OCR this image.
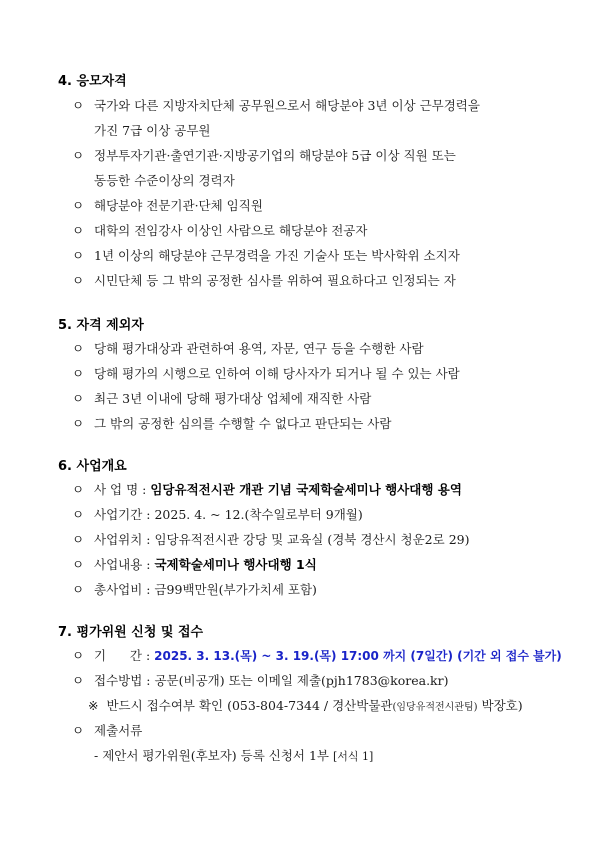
4. 응모자격
ㅇ 국가와 다른 지방자치단체 공무원으로서 해당분야 3년 이상 근무경력을
가진 7급 이상 공무원
ㅇ 정부투자기관·출연기관·지방공기업의 해당분야 5급 이상 직원 또는
동등한 수준이상의 경력자
ㅇ 해당분야 전문기관·단체 임직원
ㅇ 대학의 전임강사 이상인 사람으로 해당분야 전공자
ㅇ 1년 이상의 해당분야 근무경력을 가진 기술사 또는 박사학위 소지자
ㅇ 시민단체 등 그 밖의 공정한 심사를 위하여 필요하다고 인정되는 자
5. 자격 제외자
ㅇ 당해 평가대상과 관련하여 용역, 자문, 연구 등을 수행한 사람
ㅇ 당해 평가의 시행으로 인하여 이해 당사자가 되거나 될 수 있는 사람
ㅇ 최근 3년 이내에 당해 평가대상 업체에 재직한 사람
ㅇ 그 밖의 공정한 심의를 수행할 수 없다고 판단되는 사람
6. 사업개요
ㅇ 사 업 명 : 임당유적전시관 개관 기념 국제학술세미나 행사대행 용역
ㅇ 사업기간 : 2025. 4. ~ 12.(착수일로부터 9개월)
ㅇ 사업위치 : 임당유적전시관 강당 및 교육실 (경북 경산시 청운2로 29)
ㅇ 사업내용 : 국제학술세미나 행사대행 1식
ㅇ 총사업비 : 금99백만원(부가가치세 포함)
7. 평가위원 신청 및 접수
ㅇ 기      간 : 2025. 3. 13.(목) ~ 3. 19.(목) 17:00 까지 (7일간) (기간 외 접수 불가)
ㅇ 접수방법 : 공문(비공개) 또는 이메일 제출(pjh1783@korea.kr)
※ 반드시 접수여부 확인 (053-804-7344 / 경산박물관(임당유적전시관팀) 박장호)
ㅇ 제출서류
- 제안서 평가위원(후보자) 등록 신청서 1부 [서식 1]
